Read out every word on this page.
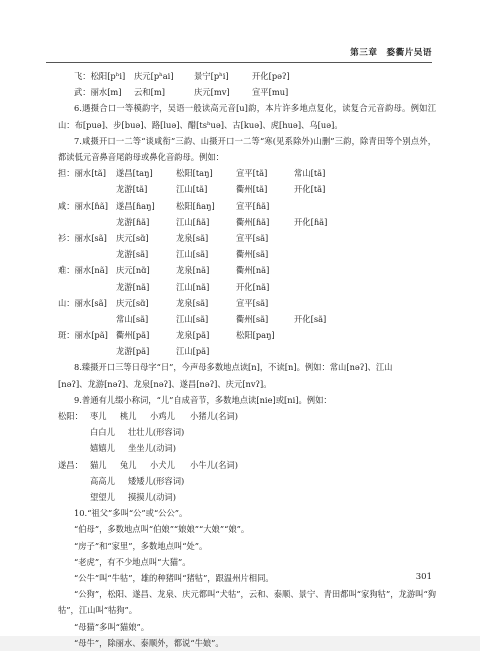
第三章　婺衢片吴语
飞：松阳[pʰi]	庆元[pʰai]	景宁[pʰi]	开化[pəʔ]
武：丽水[m]	云和[m]	庆元[mv]	宣平[mu]
6.遇摄合口一等模韵字，吴语一般读高元音[u]韵，本片许多地点复化，读复合元音韵母。例如江山：布[puə]、步[buə]、路[luə]、醋[tsʰuə]、古[kuə]、虎[huə]、乌[uə]。
7.咸摄开口一二等“谈咸衔”三韵、山摄开口一二等“寒(见系除外)山删”三韵，除青田等个别点外，都读低元音鼻音尾韵母或鼻化音韵母。例如：
担：丽水[tã]	遂昌[taŋ]	松阳[taŋ]	宣平[tã]	常山[tã]
龙游[tã]	江山[tã]	衢州[tã]	开化[tã]
咸：丽水[ɦã] 遂昌[ɦaŋ]	松阳[ɦaŋ]	宣平[ɦã]
龙游[ɦã]	江山[ɦã]	衢州[ɦã]	开化[ɦã]
衫：丽水[sã]	庆元[sɑ̃]	龙泉[sã]	宣平[sã]
龙游[sã]	江山[sã]	衢州[sã]
难：丽水[nã] 庆元[nɑ̃]	龙泉[nã]	衢州[nã]
龙游[nã]	江山[nã]	开化[nã]
山：丽水[sã]	庆元[sɑ̃]	龙泉[sã]	宣平[sã]
常山[sã]	江山[sã]	衢州[sã]	开化[sã]
斑：丽水[pã] 衢州[pã]	龙泉[pã]	松阳[paŋ]
龙游[pã]	江山[pã]
8.臻摄开口三等日母字“日”，今声母多数地点读[n]，不读[n]。例如：常山[nəʔ]、江山
[nəʔ]、龙游[nəʔ]、龙泉[nəʔ]、遂昌[nəʔ]、庆元[nvʔ]。
9.普通有儿缀小称词，“儿”自成音节，多数地点读[nie]或[ni]。例如：
松阳： 枣儿	桃儿	小鸡儿	小猪儿(名词)
白白儿	壮壮儿(形容词)
嬉嬉儿	坐坐儿(动词)
遂昌： 猫儿	兔儿	小犬儿	小牛儿(名词)
高高儿	矮矮儿(形容词)
望望儿	摸摸儿(动词)
10.“祖父”多叫“公”或“公公”。
“伯母”，多数地点叫“伯娘”“娘娘”“大娘”“娘”。
“房子”和“家里”，多数地点叫“处”。
“老虎”，有不少地点叫“大猫”。
“公牛”叫“牛牯”，雄的种猪叫“猪牯”，跟温州片相同。
“公狗”，松阳、遂昌、龙泉、庆元都叫“犬牯”，云和、泰顺、景宁、青田都叫“家狗牯”，龙游叫“狗牯”，江山叫“牯狗”。
“母猫”多叫“猫娘”。
“母牛”，除丽水、泰顺外，都说“牛娘”。
301
